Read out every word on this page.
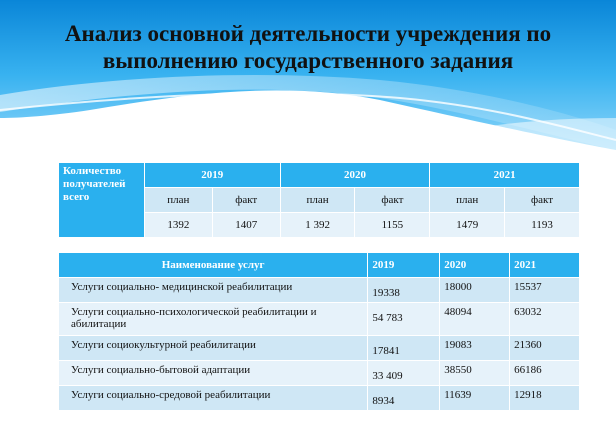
Анализ основной деятельности учреждения по выполнению государственного задания
Количество получателей всего	2019		2020		2021	
	план	факт	план	факт	план	факт
	1392	1407	1 392	1155	1479	1193
Наименование услуг	2019	2020	2021
Услуги социально- медицинской реабилитации	19338	18000	15537
Услуги социально-психологической реабилитации и абилитации	54 783	48094	63032
Услуги социокультурной реабилитации	17841	19083	21360
Услуги социально-бытовой адаптации	33 409	38550	66186
Услуги социально-средовой реабилитации	8934	11639	12918
